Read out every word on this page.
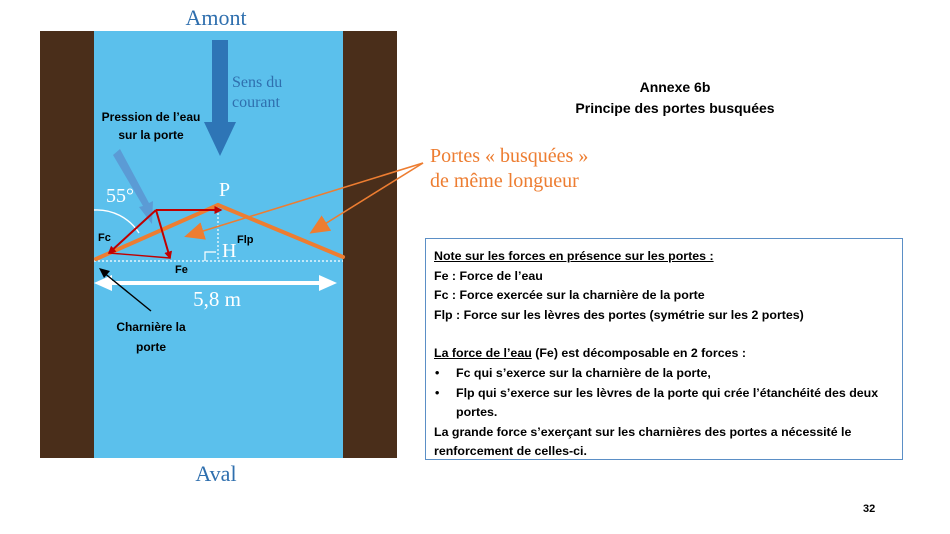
Amont
Aval
Sens du
courant
Pression de l’eau
sur la porte
55°	P
H
Fc	Flp
Fe
5,8 m
Charnière la
porte
Portes « busquées »
de même longueur
Annexe 6b
Principe des portes busquées

Note sur les forces en présence sur les portes :

Fe : Force de l’eau

Fc : Force exercée sur la charnière de la porte

Flp : Force sur les lèvres des portes (symétrie sur les 2 portes)

La force de l’eau (Fe) est décomposable en 2 forces :

• Fc qui s’exerce sur la charnière de la porte,
• Flp qui s’exerce sur les lèvres de la porte qui crée l’étanchéité des deux portes.

La grande force s’exerçant sur les charnières des portes a nécessité le renforcement de celles-ci.

32
